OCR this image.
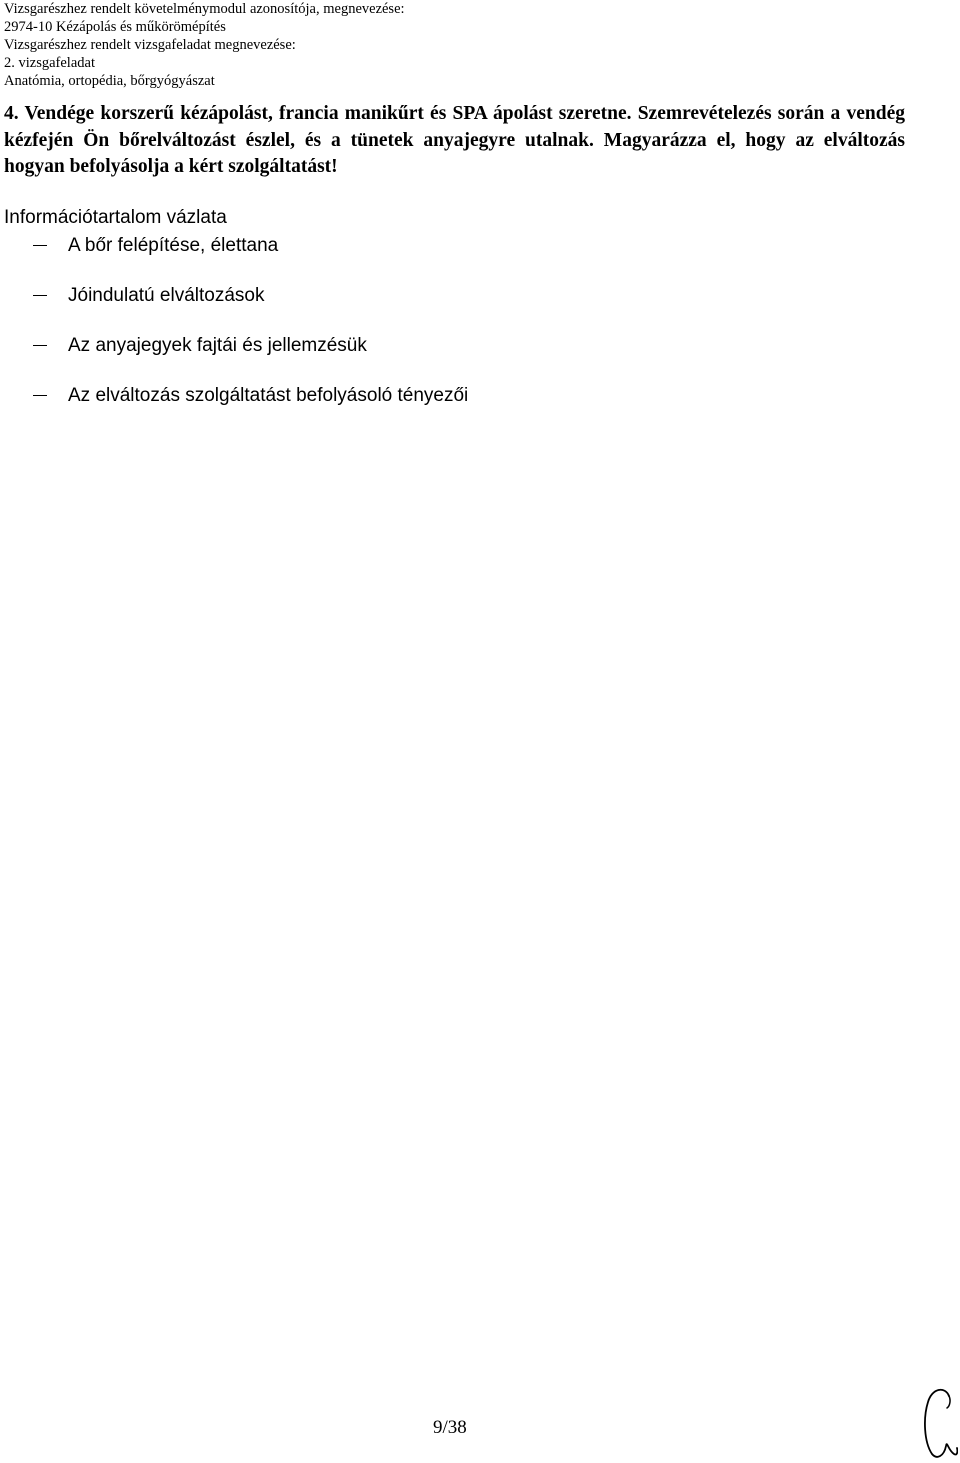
Vizsgarészhez rendelt követelménymodul azonosítója, megnevezése:
2974-10 Kézápolás és műkörömépítés
Vizsgarészhez rendelt vizsgafeladat megnevezése:
2. vizsgafeladat
Anatómia, ortopédia, bőrgyógyászat
4. Vendége korszerű kézápolást, francia manikűrt és SPA ápolást szeretne. Szemrevételezés során a vendég kézfején Ön bőrelváltozást észlel, és a tünetek anyajegyre utalnak. Magyarázza el, hogy az elváltozás hogyan befolyásolja a kért szolgáltatást!
Információtartalom vázlata
A bőr felépítése, élettana
Jóindulatú elváltozások
Az anyajegyek fajtái és jellemzésük
Az elváltozás szolgáltatást befolyásoló tényezői
9/38
